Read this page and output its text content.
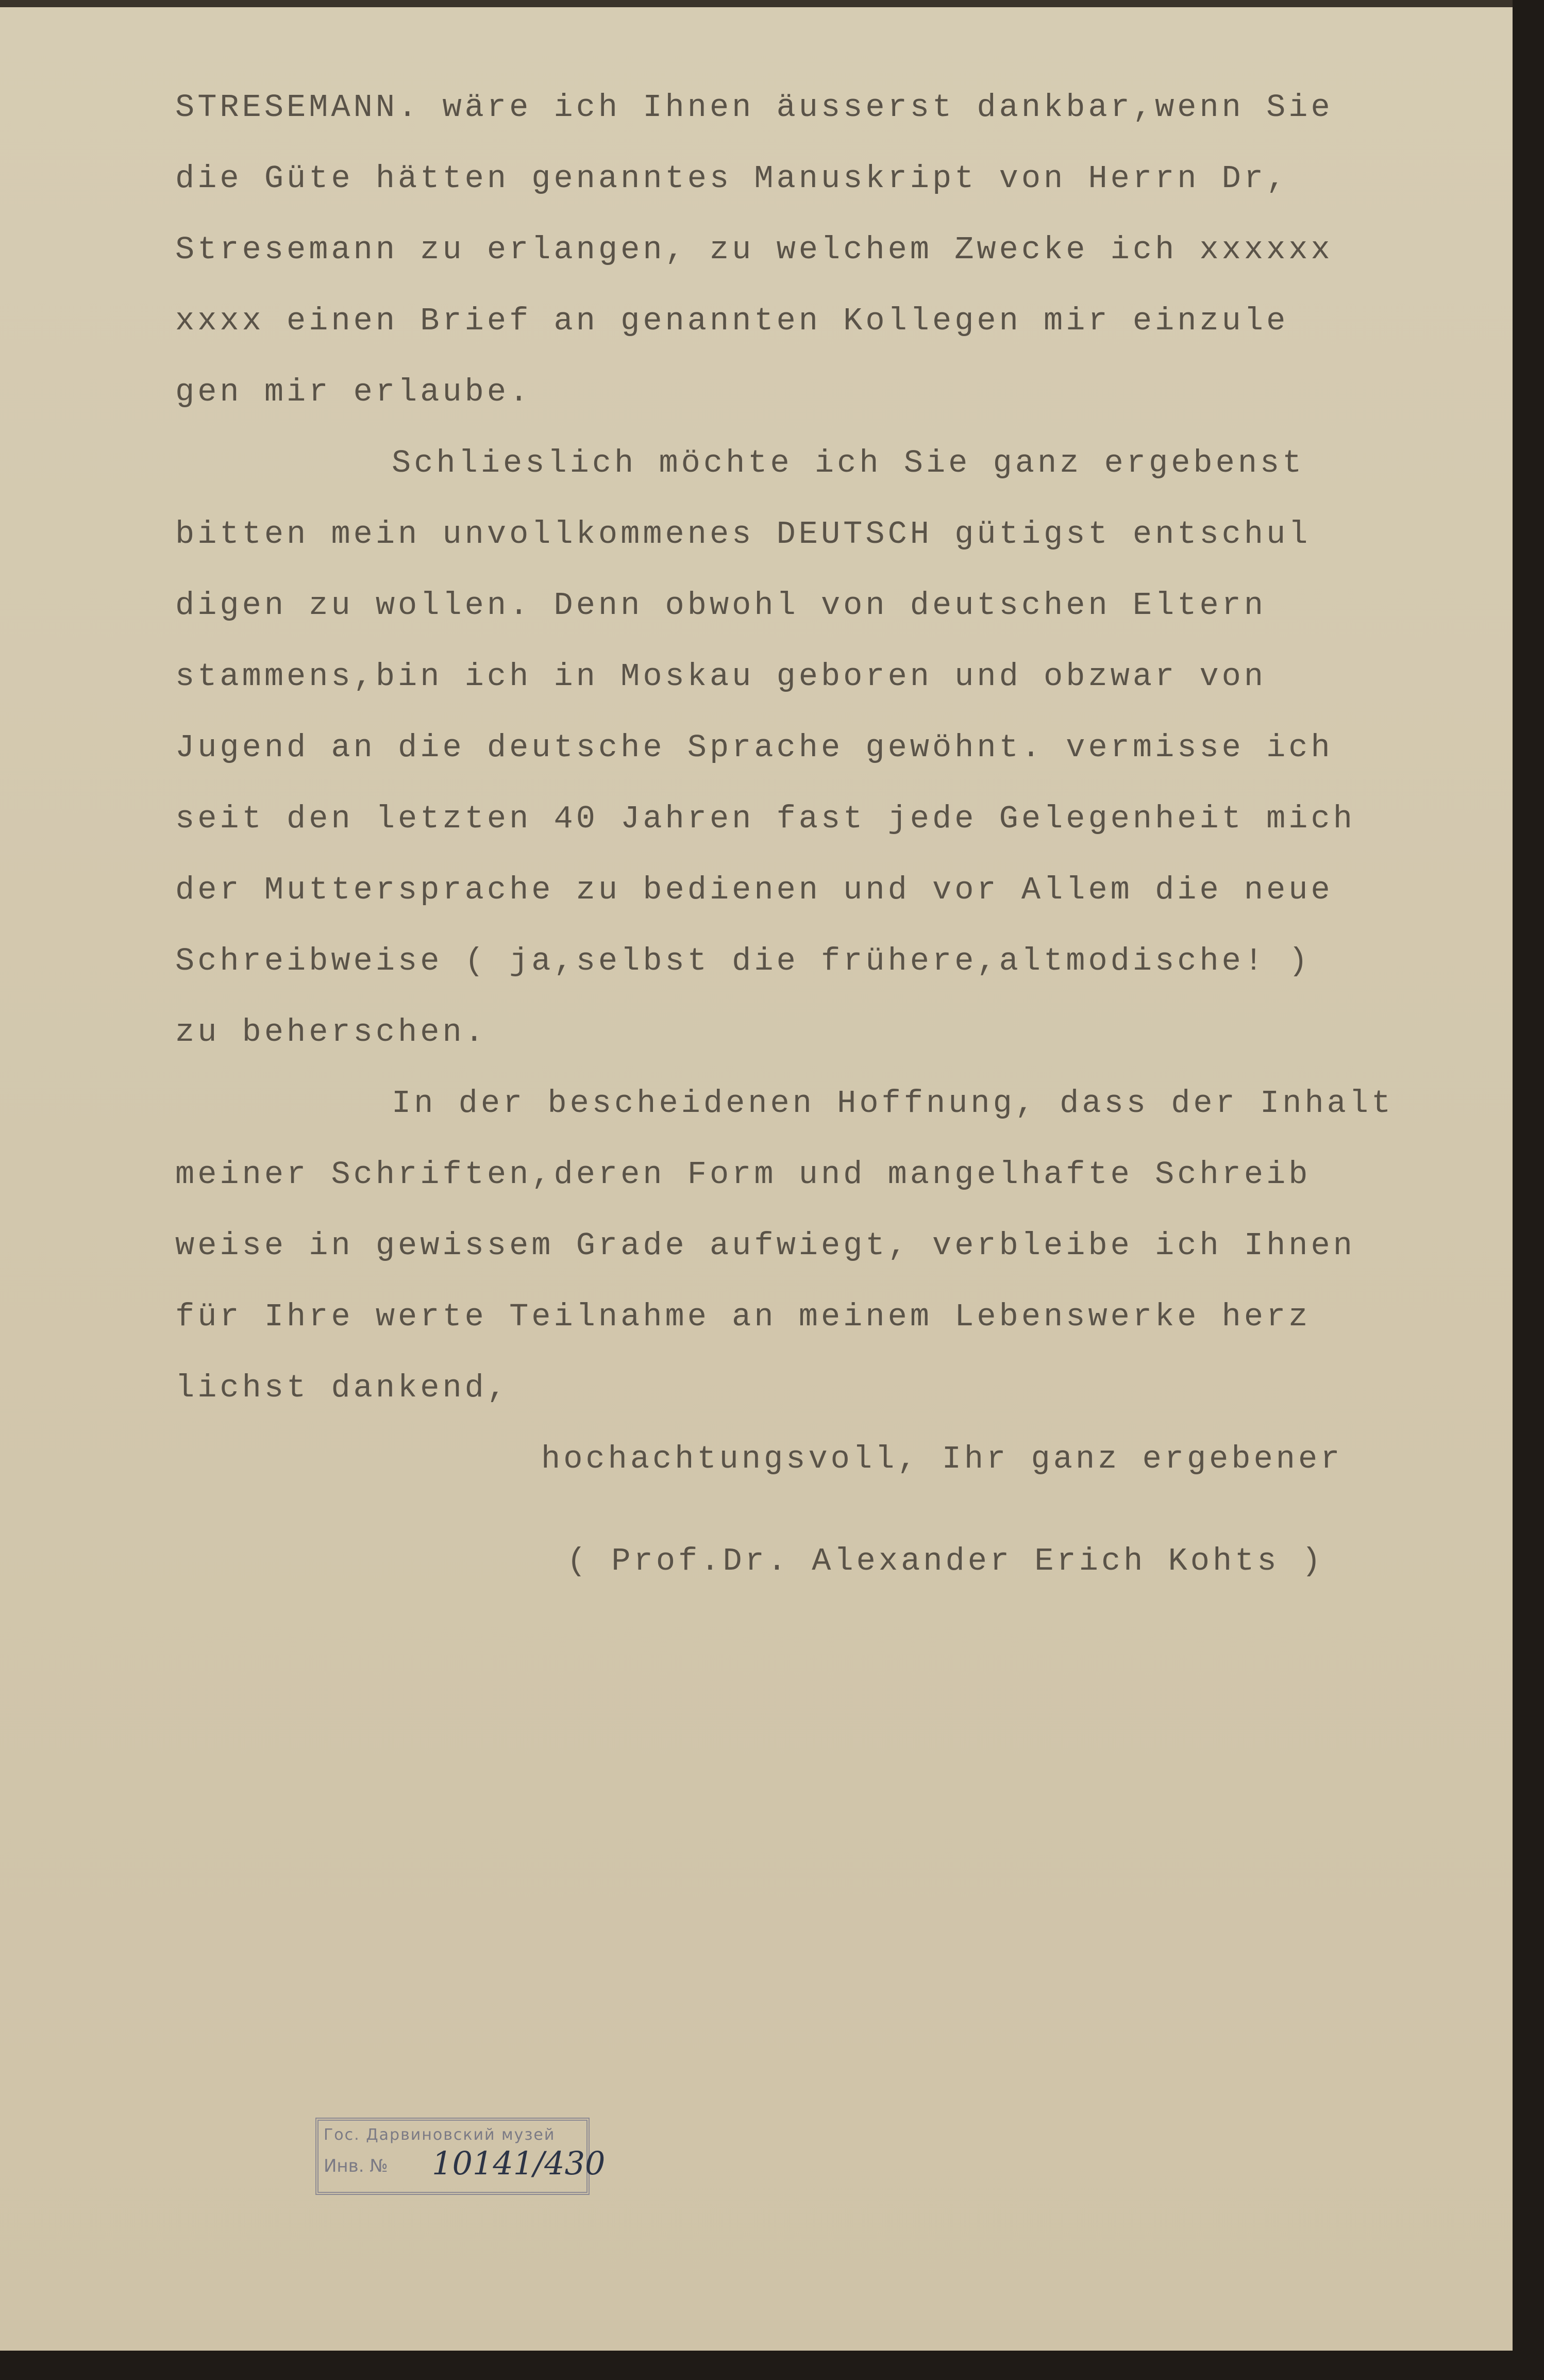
STRESEMANN. wäre ich Ihnen äusserst dankbar,wenn Sie
die Güte hätten genanntes Manuskript von Herrn Dr,
Stresemann zu erlangen, zu welchem Zwecke ich xxxxxx
xxxx einen Brief an genannten Kollegen mir einzule
gen mir erlaube.
Schlieslich möchte ich Sie ganz ergebenst
bitten mein unvollkommenes DEUTSCH gütigst entschul
digen zu wollen. Denn obwohl von deutschen Eltern
stammens,bin ich in Moskau geboren und obzwar von
Jugend an die deutsche Sprache gewöhnt. vermisse ich
seit den letzten 40 Jahren fast jede Gelegenheit mich
der Muttersprache zu bedienen und vor Allem die neue
Schreibweise ( ja,selbst die frühere,altmodische! )
zu beherschen.
In der bescheidenen Hoffnung, dass der Inhalt
meiner Schriften,deren Form und mangelhafte Schreib
weise in gewissem Grade aufwiegt, verbleibe ich Ihnen
für Ihre werte Teilnahme an meinem Lebenswerke herz
lichst dankend,
hochachtungsvoll, Ihr ganz ergebener
( Prof.Dr. Alexander Erich Kohts )
Гос. Дарвиновский музей
Инв. № 10141/430
